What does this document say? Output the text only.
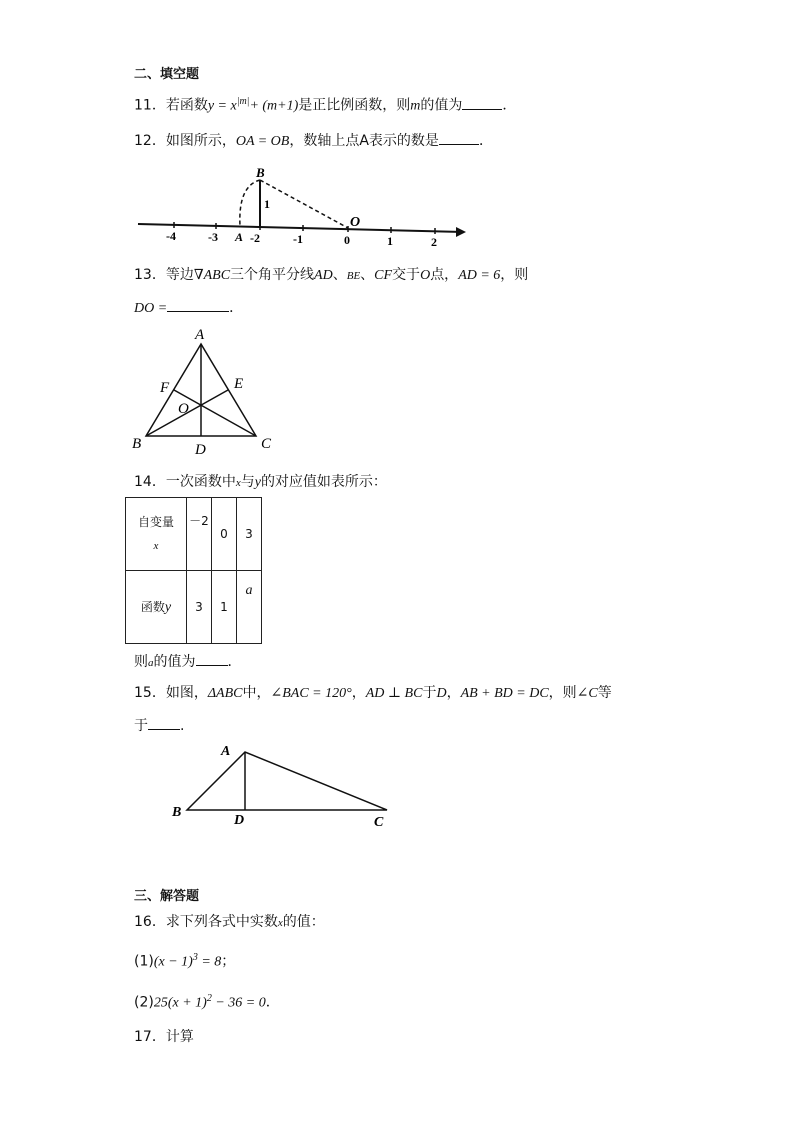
二、填空题
11．若函数$y = x^{|m|}+ (m+1)$是正比例函数，则m的值为	．
12．如图所示，OA = OB，数轴上点A表示的数是	．
B
1
O
A
-4	-3	-2	-1	0	1	2
13．等边∇ABC三个角平分线AD、BE、CF交于O点，AD = 6，则
DO =	．
A
B	C
D
E
F
O
14．一次函数中x与y的对应值如表所示：
自变量
x	－2	0	3
函数y	3	1	a
则a的值为 ．
15．如图，ΔABC中，∠BAC = 120°，AD ⊥ BC于D，AB + BD = DC，则∠C等
于 .
A
B
D	C
三、解答题
16．求下列各式中实数x的值：
$(1)(x - 1)^3 = 8$；
$(2)25(x + 1)^2 - 36 = 0$．
17．计算
